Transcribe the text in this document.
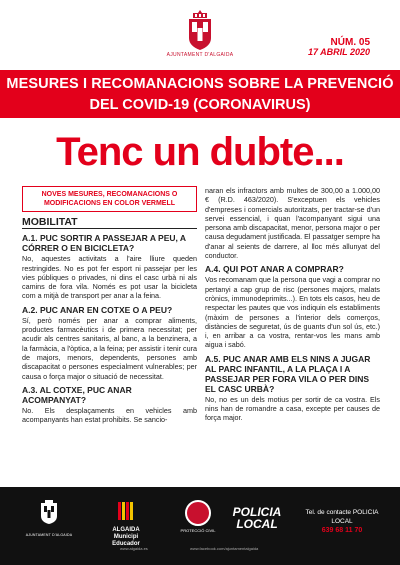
AJUNTAMENT D'ALGAIDA
NÚM. 05
17 ABRIL 2020
MESURES I RECOMANACIONS SOBRE LA PREVENCIÓ
DEL COVID-19 (CORONAVIRUS)
Tenc un dubte...
NOVES MESURES, RECOMANACIONS O MODIFICACIONS EN COLOR VERMELL
MOBILITAT
A.1. PUC SORTIR A PASSEJAR A PEU, A CÓRRER O EN BICICLETA?
No, aquestes activitats a l'aire lliure queden restringides. No es pot fer esport ni passejar per les vies públiques o privades, ni dins el casc urbà ni als camins de fora vila. Només es pot usar la bicicleta com a mitjà de transport per anar a la feina.
A.2. PUC ANAR EN COTXE O A PEU?
Sí, però només per anar a comprar aliments, productes farmacèutics i de primera necessitat; per acudir als centres sanitaris, al banc, a la benzinera, a la farmàcia, a l'òptica, a la feina; per assistir i tenir cura de majors, menors, dependents, persones amb discapacitat o persones especialment vulnerables; per causa o força major o situació de necessitat.
A.3. AL COTXE, PUC ANAR ACOMPANYAT?
No. Els desplaçaments en vehicles amb acompanyants han estat prohibits. Se sancio-
naran els infractors amb multes de 300,00 a 1.000,00 € (R.D. 463/2020). S'exceptuen els vehicles d'empreses i comercials autoritzats, per tractar-se d'un servei essencial, i quan l'acompanyant sigui una persona amb discapacitat, menor, persona major o per causa degudament justificada. El passatger sempre ha d'anar al seients de darrere, al lloc més allunyat del conductor.
A.4. QUI POT ANAR A COMPRAR?
Vos recomanam que la persona que vagi a comprar no pertanyi a cap grup de risc (persones majors, malats crònics, immunodeprimits...). En tots els casos, heu de respectar les pautes que vos indiquin els establiments (màxim de persones a l'interior dels comerços, distàncies de seguretat, ús de guants d'un sol ús, etc.) i, en arribar a ca vostra, rentar-vos les mans amb aigua i sabó.
A.5. PUC ANAR AMB ELS NINS A JUGAR AL PARC INFANTIL, A LA PLAÇA I A PASSEJAR PER FORA VILA O PER DINS EL CASC URBÀ?
No, no es un dels motius per sortir de ca vostra. Els nins han de romandre a casa, excepte per causes de força major.
AJUNTAMENT D'ALGAIDA
ALGAIDA Municipi Educador
PROTECCIÓ CIVIL
POLICIA LOCAL
Tel. de contacte POLICIA LOCAL
639 68 11 70
www.algaida.es	www.facebook.com/ajuntamentalgaida
